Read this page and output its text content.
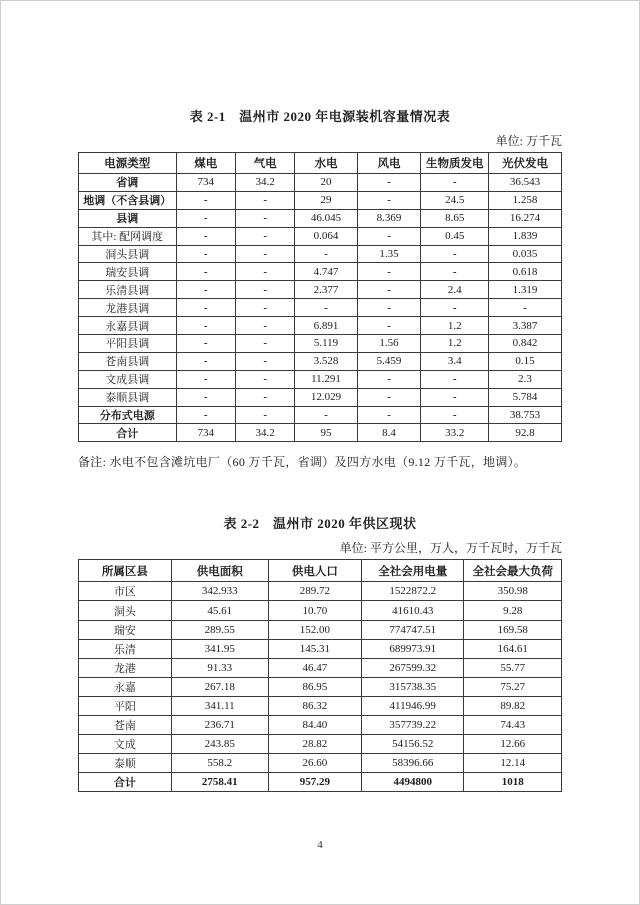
表 2-1　温州市 2020 年电源装机容量情况表

单位: 万千瓦

电源类型	煤电	气电	水电	风电	生物质发电	光伏发电
省调	734	34.2	20	-	-	36.543
地调（不含县调）	-	-	29	-	24.5	1.258
县调	-	-	46.045	8.369	8.65	16.274
其中: 配网调度	-	-	0.064	-	0.45	1.839
洞头县调	-	-	-	1.35	-	0.035
瑞安县调	-	-	4.747	-	-	0.618
乐清县调	-	-	2.377	-	2.4	1.319
龙港县调	-	-	-	-	-	-
永嘉县调	-	-	6.891	-	1.2	3.387
平阳县调	-	-	5.119	1.56	1.2	0.842
苍南县调	-	-	3.528	5.459	3.4	0.15
文成县调	-	-	11.291	-	-	2.3
泰顺县调	-	-	12.029	-	-	5.784
分布式电源	-	-	-	-	-	38.753
合计	734	34.2	95	8.4	33.2	92.8

备注: 水电不包含滩坑电厂（60 万千瓦，省调）及四方水电（9.12 万千瓦，地调）。

表 2-2　温州市 2020 年供区现状

单位: 平方公里，万人，万千瓦时，万千瓦

所属区县	供电面积	供电人口	全社会用电量	全社会最大负荷
市区	342.933	289.72	1522872.2	350.98
洞头	45.61	10.70	41610.43	9.28
瑞安	289.55	152.00	774747.51	169.58
乐清	341.95	145.31	689973.91	164.61
龙港	91.33	46.47	267599.32	55.77
永嘉	267.18	86.95	315738.35	75.27
平阳	341.11	86.32	411946.99	89.82
苍南	236.71	84.40	357739.22	74.43
文成	243.85	28.82	54156.52	12.66
泰顺	558.2	26.60	58396.66	12.14
合计	2758.41	957.29	4494800	1018
4
